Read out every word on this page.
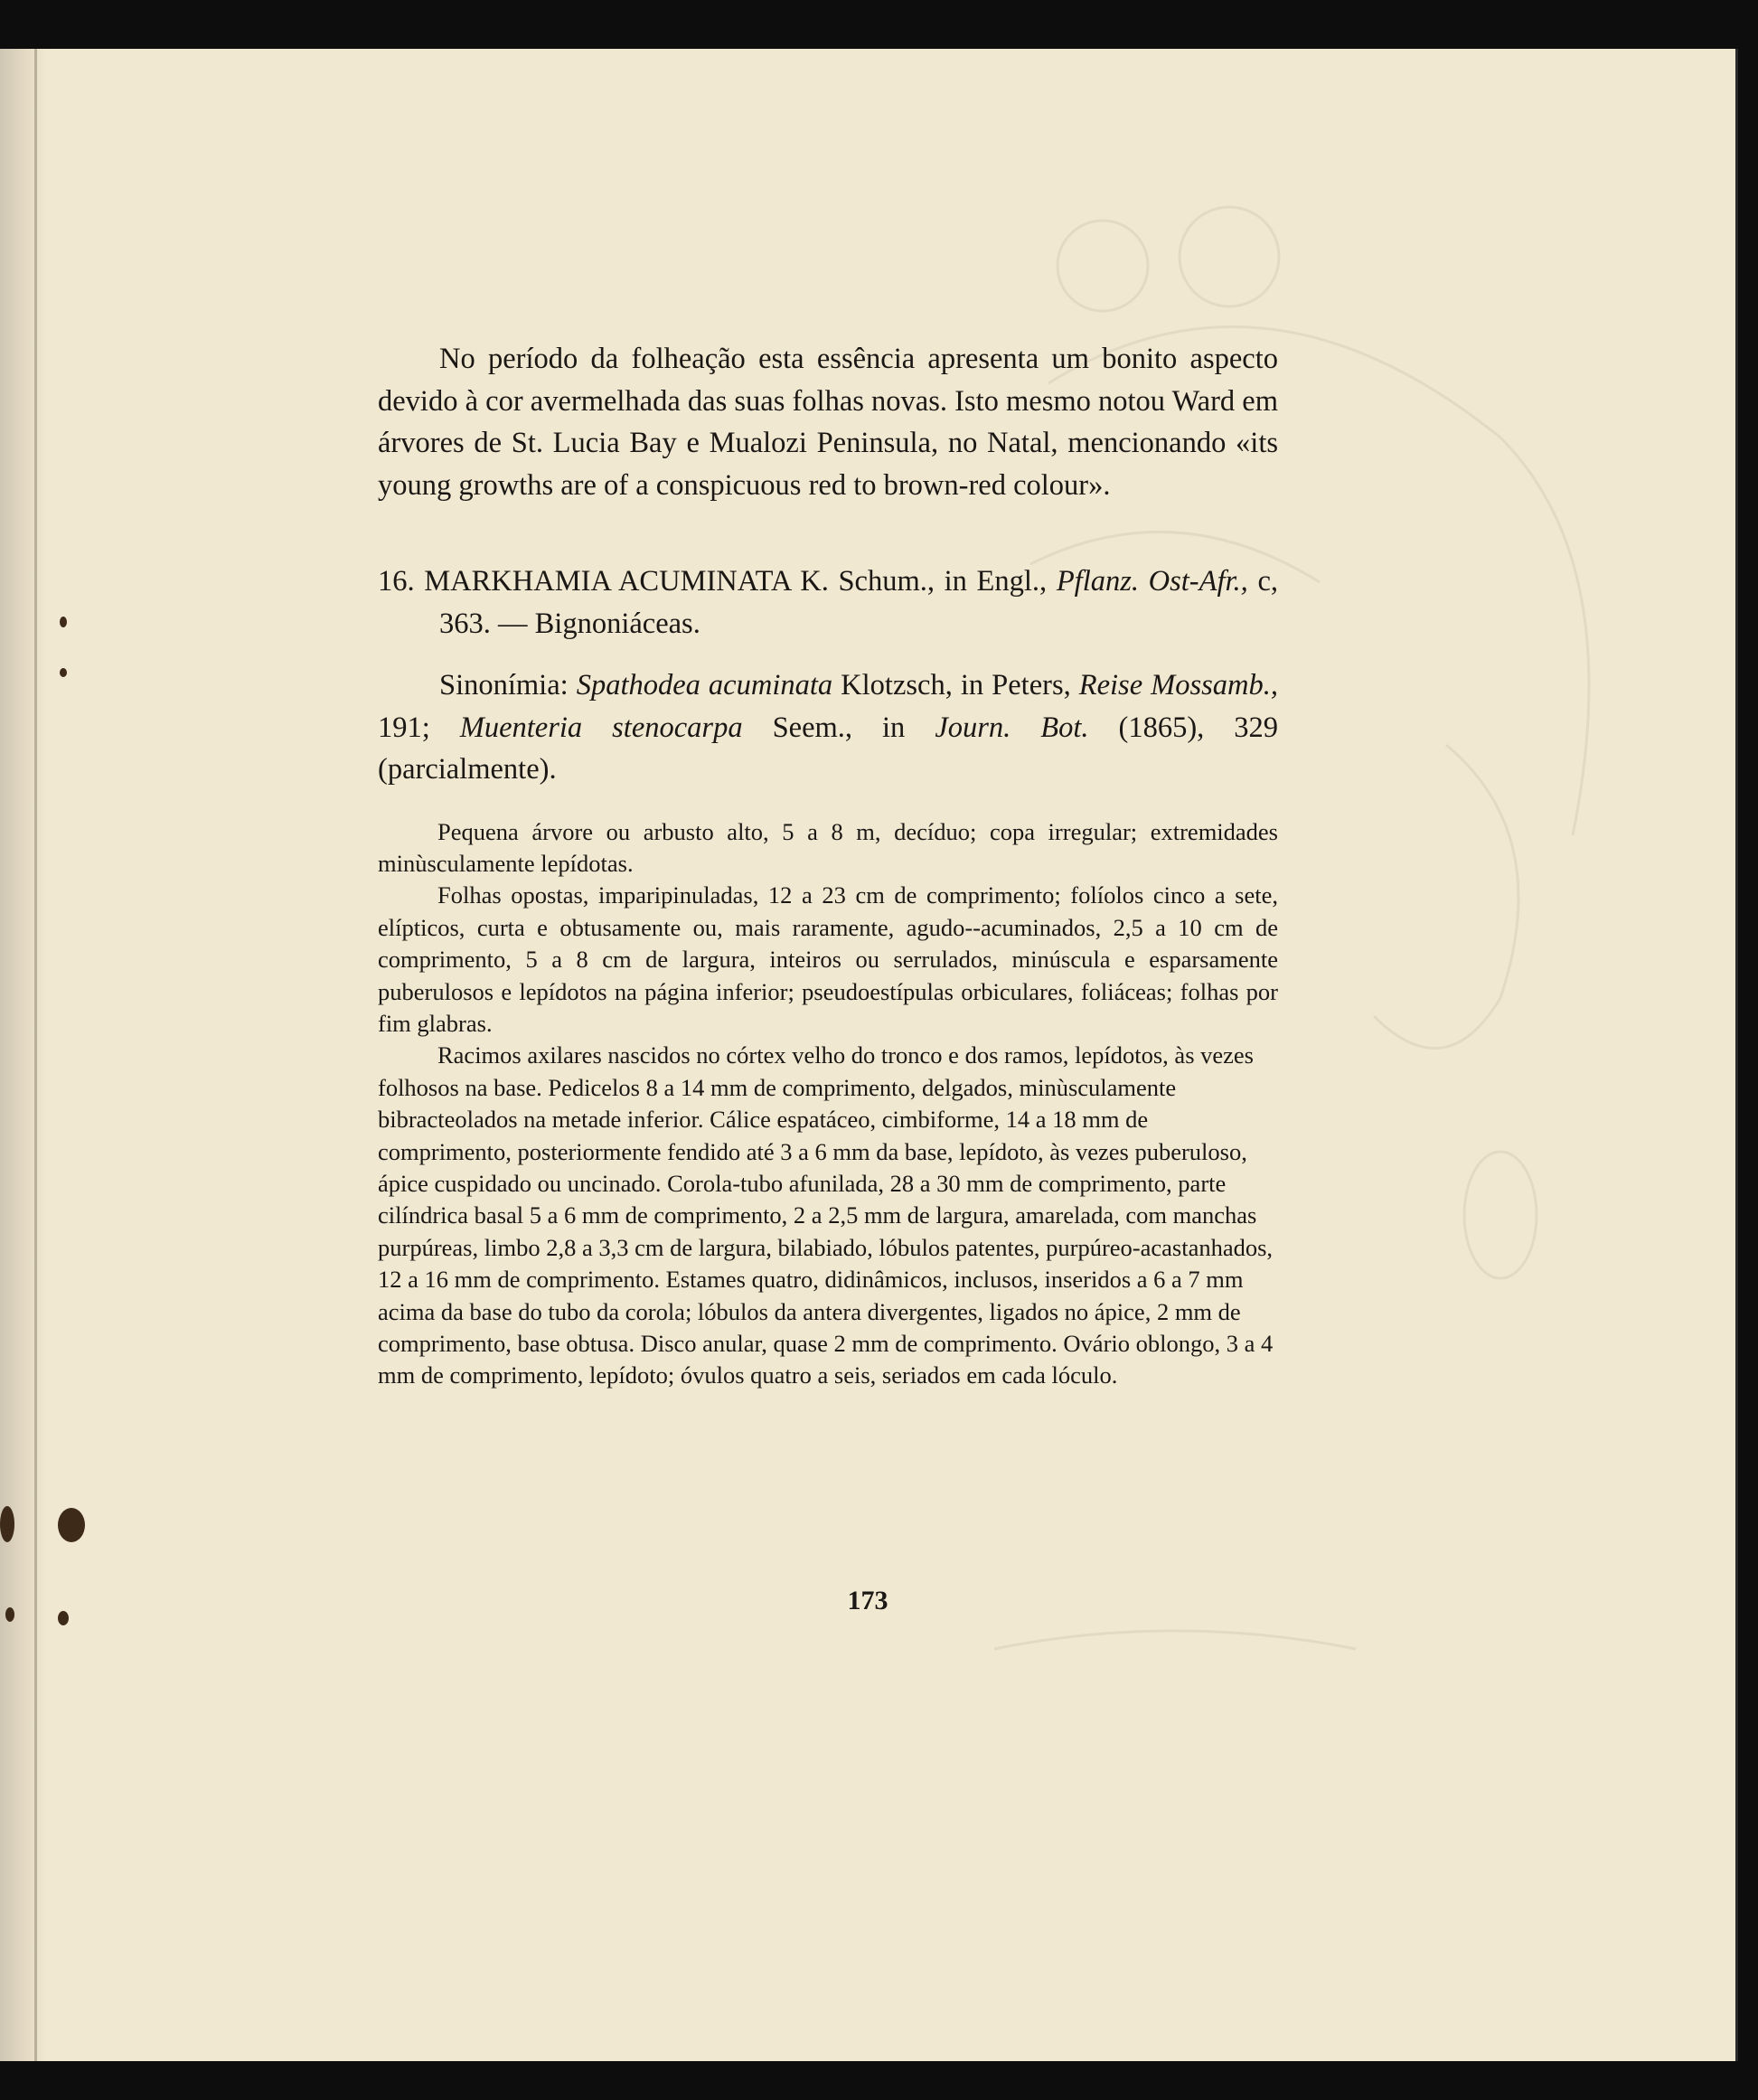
No período da folheação esta essência apresenta um bonito aspecto devido à cor avermelhada das suas folhas novas. Isto mesmo notou Ward em árvores de St. Lucia Bay e Mualozi Peninsula, no Natal, mencionando «its young growths are of a conspicuous red to brown-red colour».

16. MARKHAMIA ACUMINATA K. Schum., in Engl., Pflanz. Ost-Afr., c, 363. — Bignoniáceas.

Sinonímia: Spathodea acuminata Klotzsch, in Peters, Reise Mossamb., 191; Muenteria stenocarpa Seem., in Journ. Bot. (1865), 329 (parcialmente).

Pequena árvore ou arbusto alto, 5 a 8 m, decíduo; copa irregular; extremidades minùsculamente lepídotas.

Folhas opostas, imparipinuladas, 12 a 23 cm de comprimento; folíolos cinco a sete, elípticos, curta e obtusamente ou, mais raramente, agudo--acuminados, 2,5 a 10 cm de comprimento, 5 a 8 cm de largura, inteiros ou serrulados, minúscula e esparsamente puberulosos e lepídotos na página inferior; pseudoestípulas orbiculares, foliáceas; folhas por fim glabras.

Racimos axilares nascidos no córtex velho do tronco e dos ramos, lepídotos, às vezes folhosos na base. Pedicelos 8 a 14 mm de comprimento, delgados, minùsculamente bibracteolados na metade inferior. Cálice espatáceo, cimbiforme, 14 a 18 mm de comprimento, posteriormente fendido até 3 a 6 mm da base, lepídoto, às vezes puberuloso, ápice cuspidado ou uncinado. Corola-tubo afunilada, 28 a 30 mm de comprimento, parte cilíndrica basal 5 a 6 mm de comprimento, 2 a 2,5 mm de largura, amarelada, com manchas purpúreas, limbo 2,8 a 3,3 cm de largura, bilabiado, lóbulos patentes, purpúreo-acastanhados, 12 a 16 mm de comprimento. Estames quatro, didinâmicos, inclusos, inseridos a 6 a 7 mm acima da base do tubo da corola; lóbulos da antera divergentes, ligados no ápice, 2 mm de comprimento, base obtusa. Disco anular, quase 2 mm de comprimento. Ovário oblongo, 3 a 4 mm de comprimento, lepídoto; óvulos quatro a seis, seriados em cada lóculo.

173
